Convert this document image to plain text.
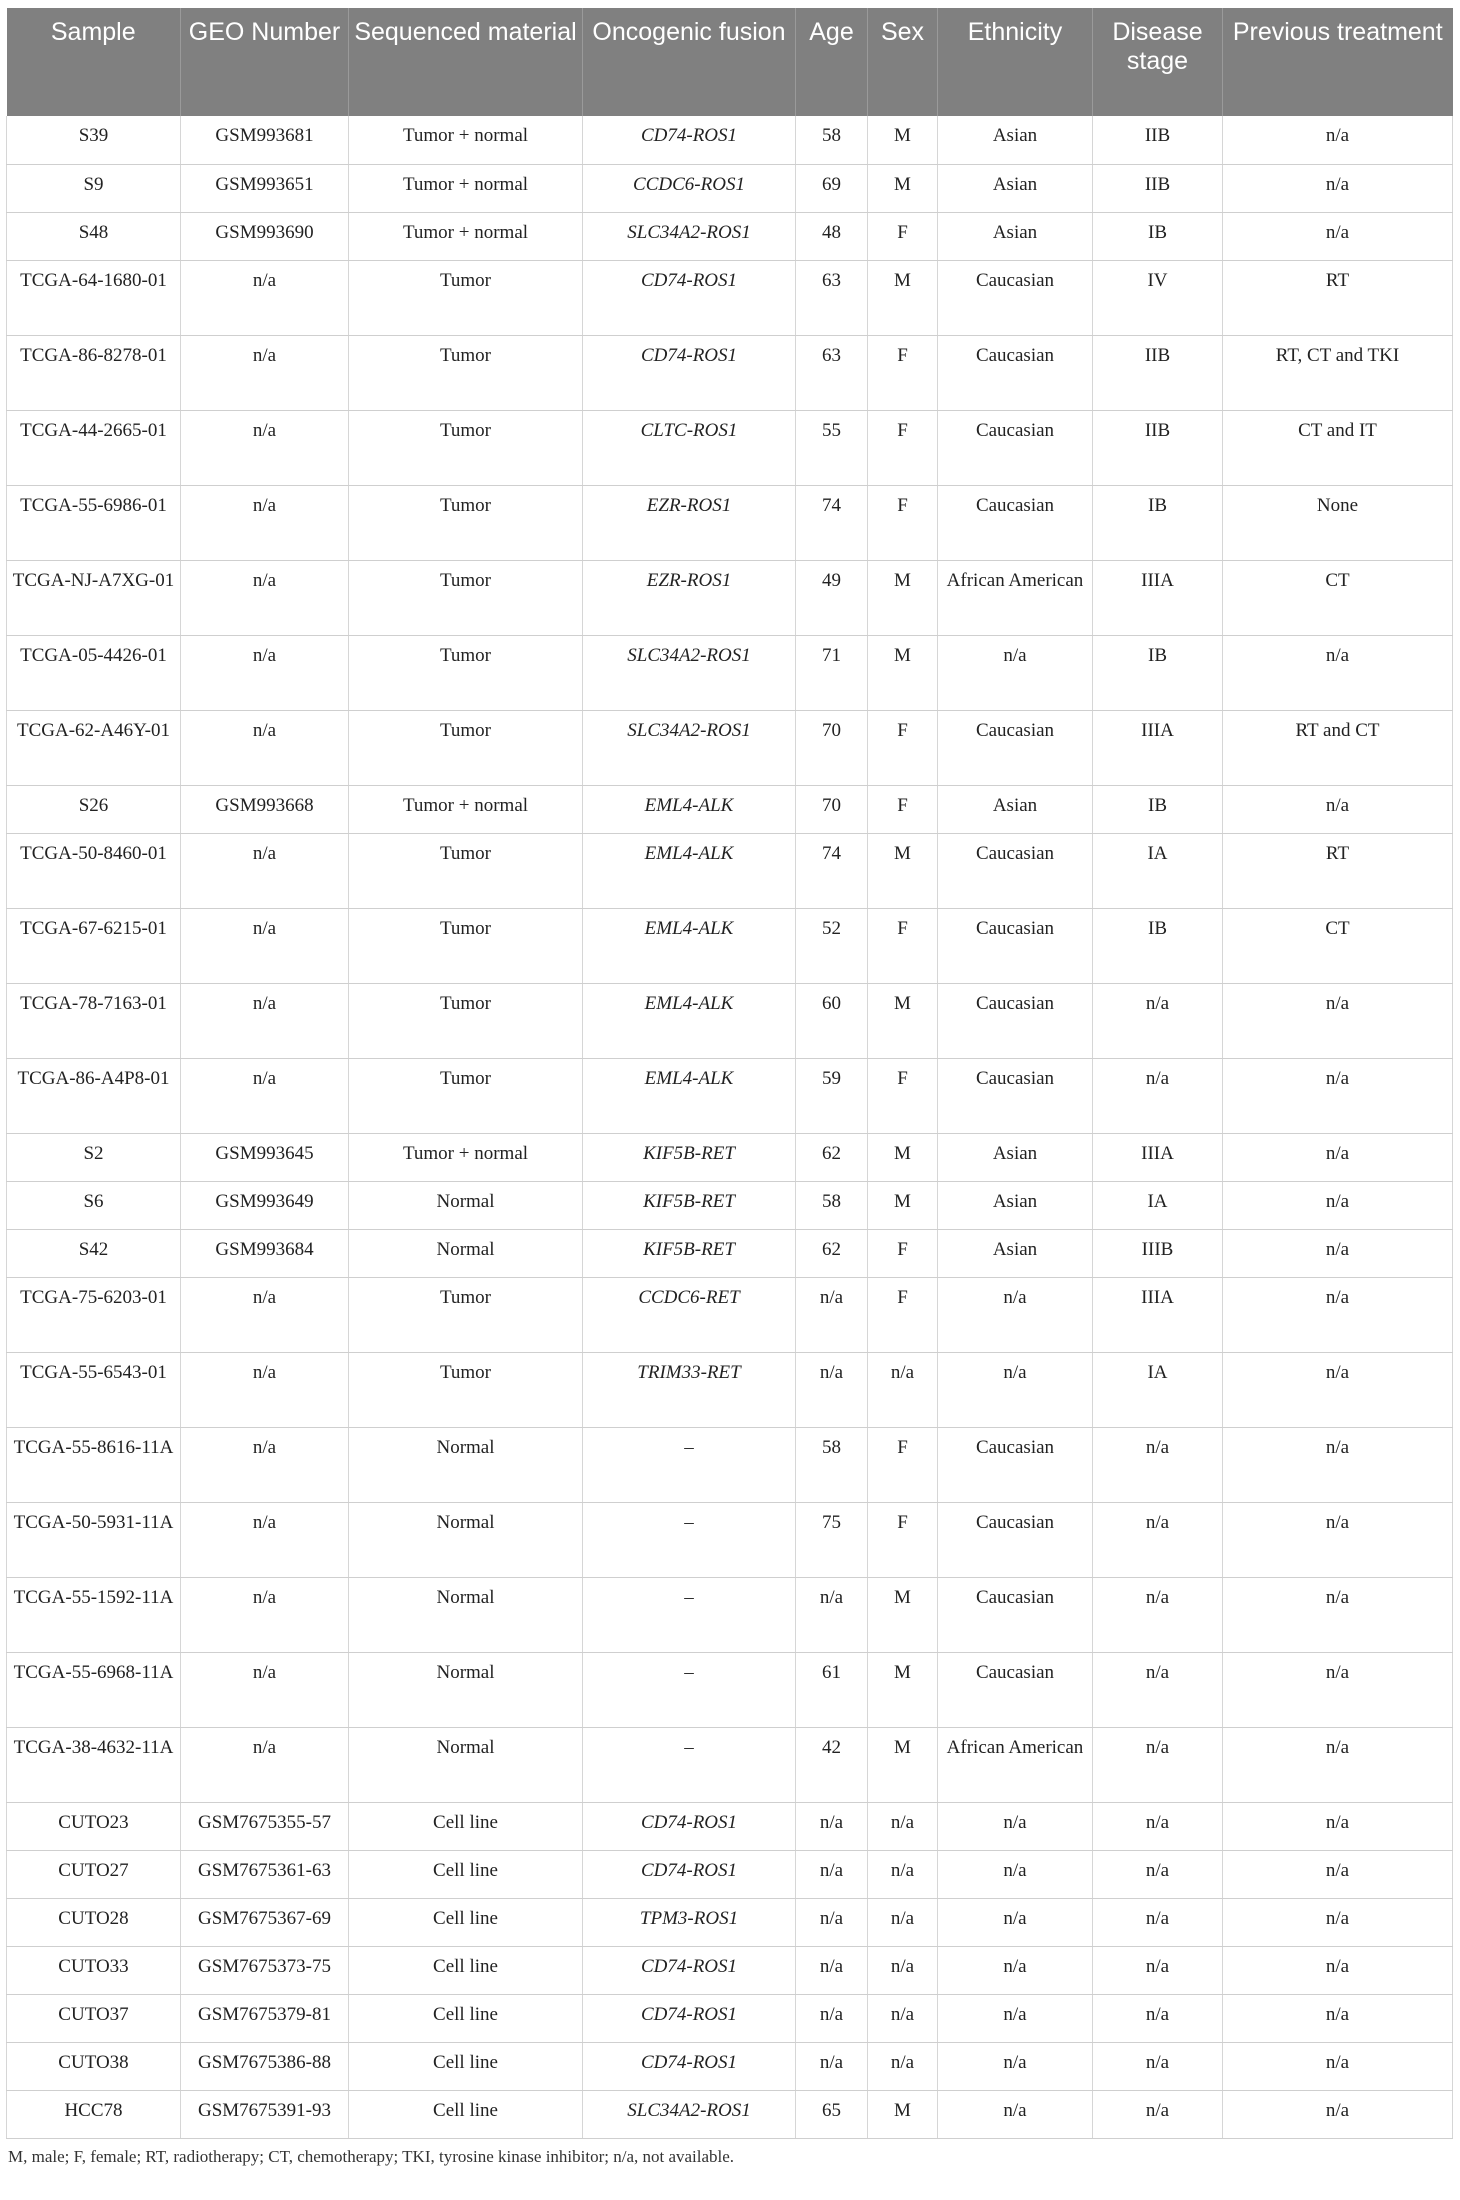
Sample	GEO Number	Sequenced material	Oncogenic fusion	Age	Sex	Ethnicity	Disease stage	Previous treatment
S39	GSM993681	Tumor + normal	CD74-ROS1	58	M	Asian	IIB	n/a
S9	GSM993651	Tumor + normal	CCDC6-ROS1	69	M	Asian	IIB	n/a
S48	GSM993690	Tumor + normal	SLC34A2-ROS1	48	F	Asian	IB	n/a
TCGA-64-1680-01	n/a	Tumor	CD74-ROS1	63	M	Caucasian	IV	RT
TCGA-86-8278-01	n/a	Tumor	CD74-ROS1	63	F	Caucasian	IIB	RT, CT and TKI
TCGA-44-2665-01	n/a	Tumor	CLTC-ROS1	55	F	Caucasian	IIB	CT and IT
TCGA-55-6986-01	n/a	Tumor	EZR-ROS1	74	F	Caucasian	IB	None
TCGA-NJ-A7XG-01	n/a	Tumor	EZR-ROS1	49	M	African American	IIIA	CT
TCGA-05-4426-01	n/a	Tumor	SLC34A2-ROS1	71	M	n/a	IB	n/a
TCGA-62-A46Y-01	n/a	Tumor	SLC34A2-ROS1	70	F	Caucasian	IIIA	RT and CT
S26	GSM993668	Tumor + normal	EML4-ALK	70	F	Asian	IB	n/a
TCGA-50-8460-01	n/a	Tumor	EML4-ALK	74	M	Caucasian	IA	RT
TCGA-67-6215-01	n/a	Tumor	EML4-ALK	52	F	Caucasian	IB	CT
TCGA-78-7163-01	n/a	Tumor	EML4-ALK	60	M	Caucasian	n/a	n/a
TCGA-86-A4P8-01	n/a	Tumor	EML4-ALK	59	F	Caucasian	n/a	n/a
S2	GSM993645	Tumor + normal	KIF5B-RET	62	M	Asian	IIIA	n/a
S6	GSM993649	Normal	KIF5B-RET	58	M	Asian	IA	n/a
S42	GSM993684	Normal	KIF5B-RET	62	F	Asian	IIIB	n/a
TCGA-75-6203-01	n/a	Tumor	CCDC6-RET	n/a	F	n/a	IIIA	n/a
TCGA-55-6543-01	n/a	Tumor	TRIM33-RET	n/a	n/a	n/a	IA	n/a
TCGA-55-8616-11A	n/a	Normal	–	58	F	Caucasian	n/a	n/a
TCGA-50-5931-11A	n/a	Normal	–	75	F	Caucasian	n/a	n/a
TCGA-55-1592-11A	n/a	Normal	–	n/a	M	Caucasian	n/a	n/a
TCGA-55-6968-11A	n/a	Normal	–	61	M	Caucasian	n/a	n/a
TCGA-38-4632-11A	n/a	Normal	–	42	M	African American	n/a	n/a
CUTO23	GSM7675355-57	Cell line	CD74-ROS1	n/a	n/a	n/a	n/a	n/a
CUTO27	GSM7675361-63	Cell line	CD74-ROS1	n/a	n/a	n/a	n/a	n/a
CUTO28	GSM7675367-69	Cell line	TPM3-ROS1	n/a	n/a	n/a	n/a	n/a
CUTO33	GSM7675373-75	Cell line	CD74-ROS1	n/a	n/a	n/a	n/a	n/a
CUTO37	GSM7675379-81	Cell line	CD74-ROS1	n/a	n/a	n/a	n/a	n/a
CUTO38	GSM7675386-88	Cell line	CD74-ROS1	n/a	n/a	n/a	n/a	n/a
HCC78	GSM7675391-93	Cell line	SLC34A2-ROS1	65	M	n/a	n/a	n/a
M, male; F, female; RT, radiotherapy; CT, chemotherapy; TKI, tyrosine kinase inhibitor; n/a, not available.
